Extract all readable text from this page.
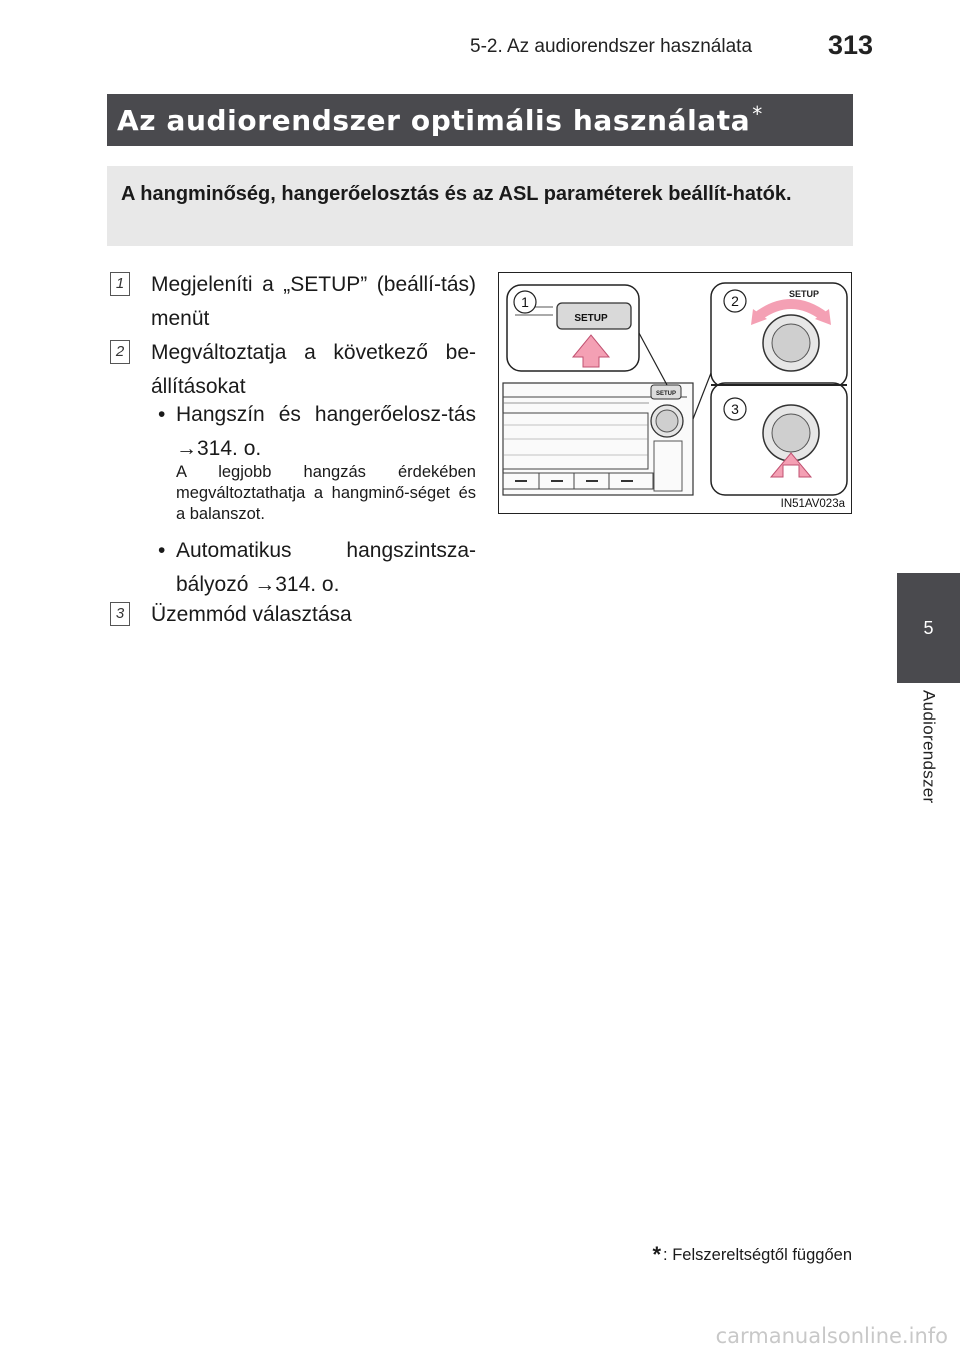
5-2. Az audiorendszer használata	313
Az audiorendszer optimális használata*
A hangminőség, hangerőelosztás és az ASL paraméterek beállít-hatók.
1 Megjeleníti a „SETUP” (beállí-tás) menüt
2 Megváltoztatja a következő be-állításokat
• Hangszín és hangerőelosz-tás →314. o.
A legjobb hangzás érdekében megváltoztathatja a hangminő-séget és a balanszot.
• Automatikus hangszintsza-bályozó →314. o.
3 Üzemmód választása
SETUP
SETUP
1	SETUP
2
3
IN51AV023a
5
Audiorendszer
* : Felszereltségtől függően
carmanualsonline.info
